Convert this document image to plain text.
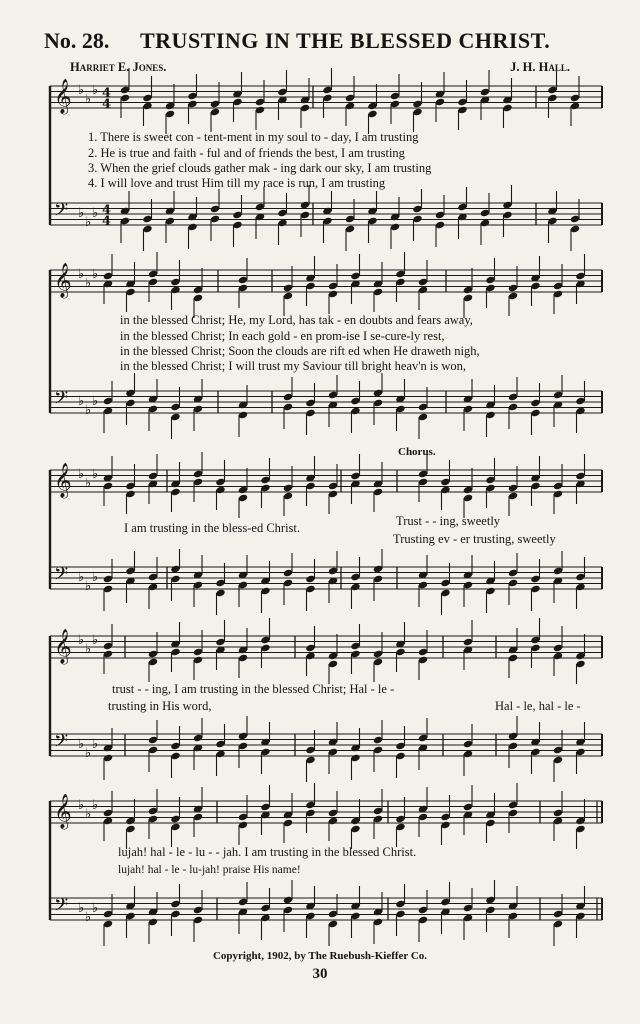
No. 28. TRUSTING IN THE BLESSED CHRIST.
Harriet E. Jones.	J. H. Hall.
𝄞
𝄢
♭
♭
♭
♭
♭
♭
4
4
4
4
𝄞
𝄢
♭
♭
♭
♭
♭
♭
𝄞
𝄢
♭
♭
♭
♭
♭
♭
𝄞
𝄢
♭
♭
♭
♭
♭
♭
𝄞
𝄢
♭
♭
♭
♭
♭
♭
1. There is sweet con - tent-ment in my soul to - day, I am trusting
2. He is true and faith - ful and of friends the best, I am trusting
3. When the grief clouds gather mak - ing dark our sky, I am trusting
4. I will love and trust Him till my race is run, I am trusting
in the blessed Christ; He, my Lord, has tak - en doubts and fears away,
in the blessed Christ; In each gold - en prom-ise I se-cure-ly rest,
in the blessed Christ; Soon the clouds are rift ed when He draweth nigh,
in the blessed Christ; I will trust my Saviour till bright heav'n is won,
Chorus.
I am trusting in the bless-ed Christ.	Trust - - ing, sweetly
Trusting ev - er trusting, sweetly
trust - - ing, I am trusting in the blessed Christ; Hal - le -
trusting in His word,	Hal - le, hal - le -
lujah! hal - le - lu - - jah. I am trusting in the blessed Christ.
lujah! hal - le - lu-jah! praise His name!
Copyright, 1902, by The Ruebush-Kieffer Co.
30
